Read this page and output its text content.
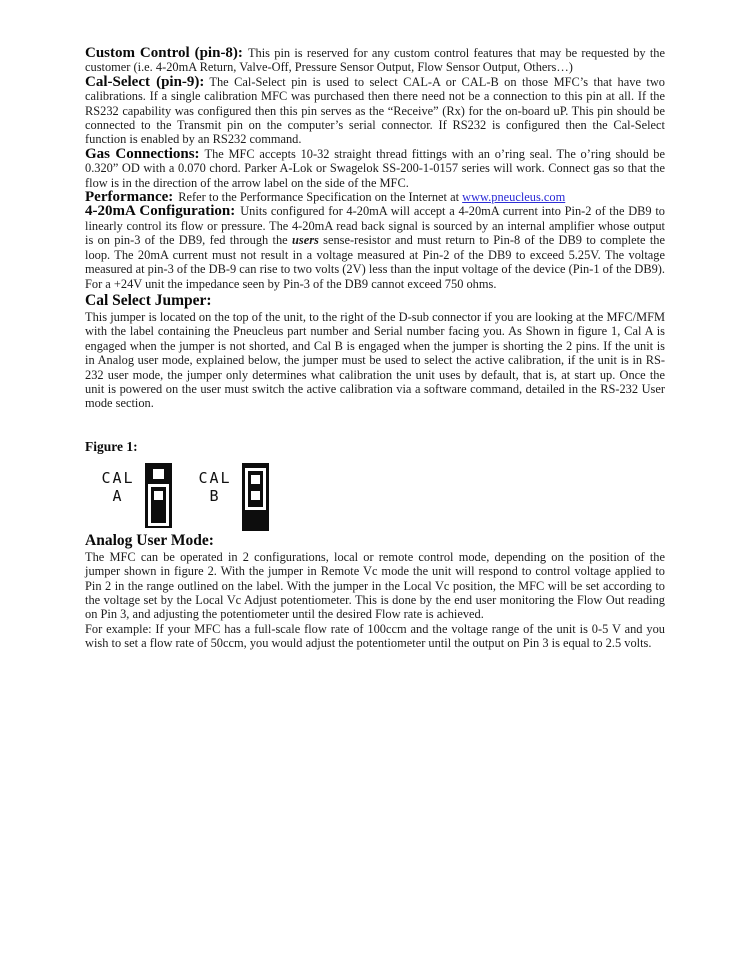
Custom Control (pin-8): This pin is reserved for any custom control features that may be requested by the customer (i.e. 4-20mA Return, Valve-Off, Pressure Sensor Output, Flow Sensor Output, Others…)

Cal-Select (pin-9): The Cal-Select pin is used to select CAL-A or CAL-B on those MFC’s that have two calibrations. If a single calibration MFC was purchased then there need not be a connection to this pin at all. If the RS232 capability was configured then this pin serves as the “Receive” (Rx) for the on-board uP. This pin should be connected to the Transmit pin on the computer’s serial connector. If RS232 is configured then the Cal-Select function is enabled by an RS232 command.

Gas Connections: The MFC accepts 10-32 straight thread fittings with an o’ring seal. The o’ring should be 0.320” OD with a 0.070 chord. Parker A-Lok or Swagelok SS-200-1-0157 series will work. Connect gas so that the flow is in the direction of the arrow label on the side of the MFC.

Performance: Refer to the Performance Specification on the Internet at www.pneucleus.com

4-20mA Configuration: Units configured for 4-20mA will accept a 4-20mA current into Pin-2 of the DB9 to linearly control its flow or pressure. The 4-20mA read back signal is sourced by an internal amplifier whose output is on pin-3 of the DB9, fed through the users sense-resistor and must return to Pin-8 of the DB9 to complete the loop. The 20mA current must not result in a voltage measured at Pin-2 of the DB9 to exceed 5.25V. The voltage measured at pin-3 of the DB-9 can rise to two volts (2V) less than the input voltage of the device (Pin-1 of the DB9). For a +24V unit the impedance seen by Pin-3 of the DB9 cannot exceed 750 ohms.

Cal Select Jumper:

This jumper is located on the top of the unit, to the right of the D-sub connector if you are looking at the MFC/MFM with the label containing the Pneucleus part number and Serial number facing you. As Shown in figure 1, Cal A is engaged when the jumper is not shorted, and Cal B is engaged when the jumper is shorting the 2 pins. If the unit is in Analog user mode, explained below, the jumper must be used to select the active calibration, if the unit is in RS-232 user mode, the jumper only determines what calibration the unit uses by default, that is, at start up. Once the unit is powered on the user must switch the active calibration via a software command, detailed in the RS-232 User mode section.

Figure 1:
CAL
A
CAL
B
Analog User Mode:

The MFC can be operated in 2 configurations, local or remote control mode, depending on the position of the jumper shown in figure 2. With the jumper in Remote Vc mode the unit will respond to control voltage applied to Pin 2 in the range outlined on the label. With the jumper in the Local Vc position, the MFC will be set according to the voltage set by the Local Vc Adjust potentiometer. This is done by the end user monitoring the Flow Out reading on Pin 3, and adjusting the potentiometer until the desired Flow rate is achieved.

For example: If your MFC has a full-scale flow rate of 100ccm and the voltage range of the unit is 0-5 V and you wish to set a flow rate of 50ccm, you would adjust the potentiometer until the output on Pin 3 is equal to 2.5 volts.
